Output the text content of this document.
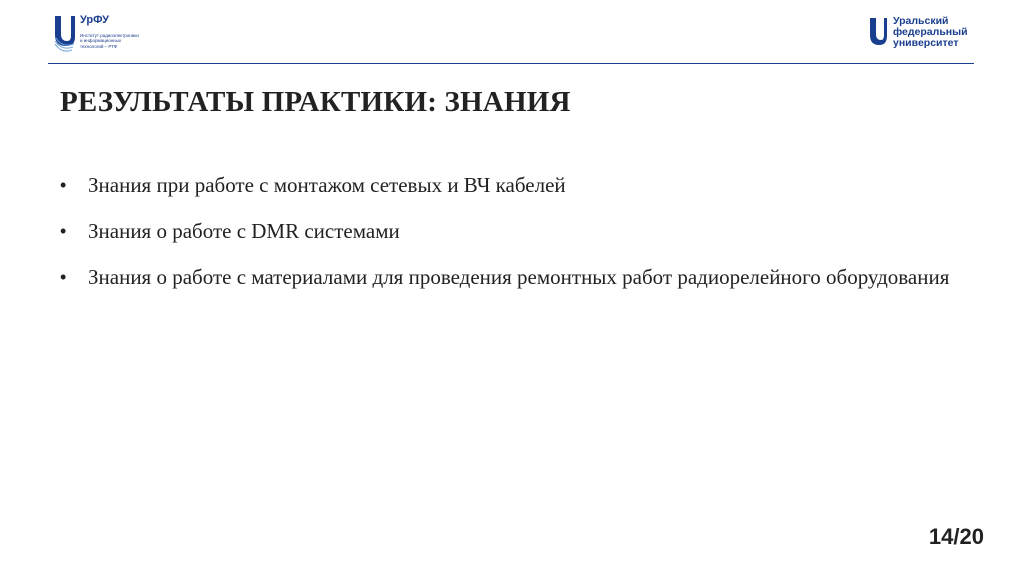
УрФУ
Институт радиоэлектроники и информационных технологий – РТФ
Уральский
федеральный
университет
РЕЗУЛЬТАТЫ ПРАКТИКИ: ЗНАНИЯ
•	Знания при работе с монтажом сетевых и ВЧ кабелей
•	Знания о работе с DMR системами
•	Знания о работе с материалами для проведения ремонтных работ радиорелейного оборудования
14/20
